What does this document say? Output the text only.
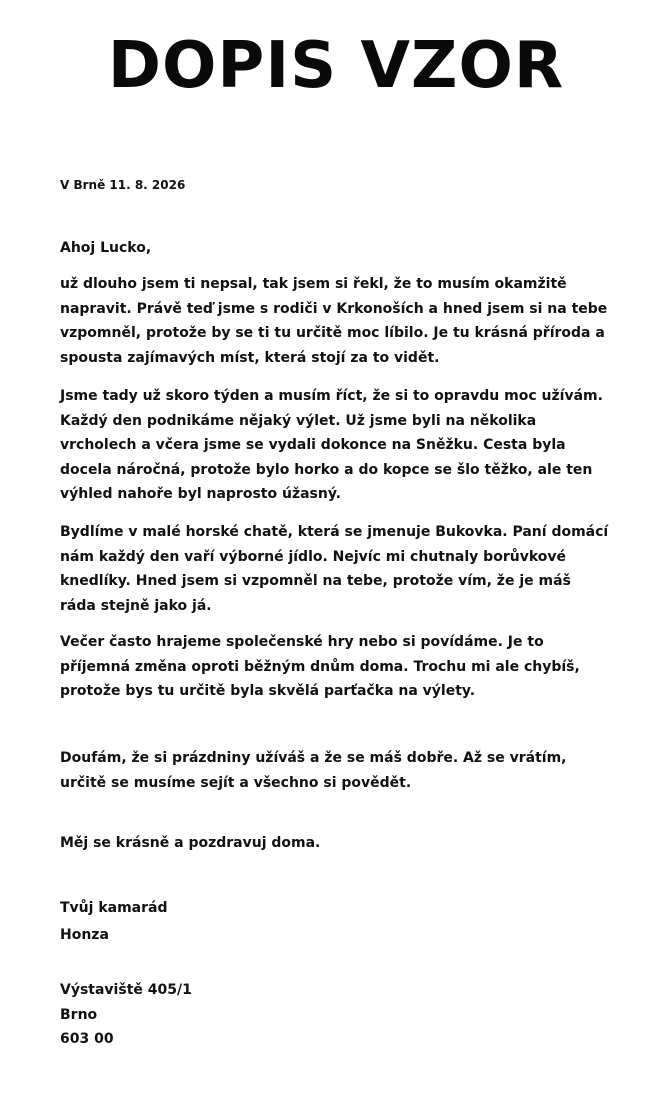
DOPIS VZOR
V Brně 11. 8. 2026

Ahoj Lucko,

už dlouho jsem ti nepsal, tak jsem si řekl, že to musím okamžitě napravit. Právě teď jsme s rodiči v Krkonoších a hned jsem si na tebe vzpomněl, protože by se ti tu určitě moc líbilo. Je tu krásná příroda a spousta zajímavých míst, která stojí za to vidět.

Jsme tady už skoro týden a musím říct, že si to opravdu moc užívám. Každý den podnikáme nějaký výlet. Už jsme byli na několika vrcholech a včera jsme se vydali dokonce na Sněžku. Cesta byla docela náročná, protože bylo horko a do kopce se šlo těžko, ale ten výhled nahoře byl naprosto úžasný.

Bydlíme v malé horské chatě, která se jmenuje Bukovka. Paní domácí nám každý den vaří výborné jídlo. Nejvíc mi chutnaly borůvkové knedlíky. Hned jsem si vzpomněl na tebe, protože vím, že je máš ráda stejně jako já.

Večer často hrajeme společenské hry nebo si povídáme. Je to příjemná změna oproti běžným dnům doma. Trochu mi ale chybíš, protože bys tu určitě byla skvělá parťačka na výlety.

Doufám, že si prázdniny užíváš a že se máš dobře. Až se vrátím, určitě se musíme sejít a všechno si povědět.

Měj se krásně a pozdravuj doma.

Tvůj kamarád

Honza

Výstaviště 405/1

Brno

603 00
